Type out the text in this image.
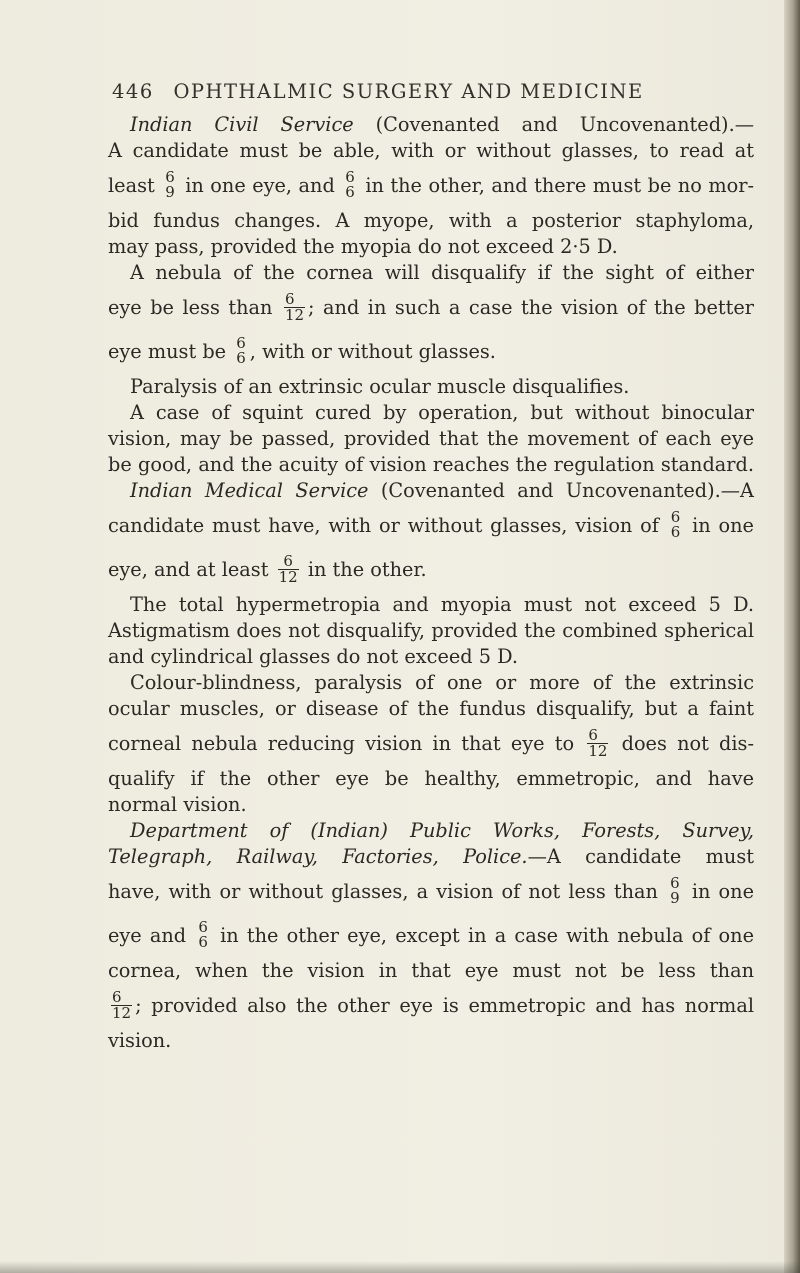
446 OPHTHALMIC SURGERY AND MEDICINE
Indian Civil Service (Covenanted and Uncovenanted).—
A candidate must be able, with or without glasses, to read at
least 6
9 in one eye, and 6
6 in the other, and there must be no mor-
bid fundus changes. A myope, with a posterior staphyloma,
may pass, provided the myopia do not exceed 2·5 D.
A nebula of the cornea will disqualify if the sight of either
eye be less than $\frac{6}{12}$ ; and in such a case the vision of the better
eye must be 6
6 , with or without glasses.
Paralysis of an extrinsic ocular muscle disqualifies.
A case of squint cured by operation, but without binocular
vision, may be passed, provided that the movement of each eye
be good, and the acuity of vision reaches the regulation standard.
Indian Medical Service (Covenanted and Uncovenanted).—A
candidate must have, with or without glasses, vision of 6
6 in one
eye, and at least $\frac{6}{12}$ in the other.
The total hypermetropia and myopia must not exceed 5 D.
Astigmatism does not disqualify, provided the combined spherical
and cylindrical glasses do not exceed 5 D.
Colour-blindness, paralysis of one or more of the extrinsic
ocular muscles, or disease of the fundus disqualify, but a faint
corneal nebula reducing vision in that eye to $\frac{6}{12}$ does not dis-
qualify if the other eye be healthy, emmetropic, and have
normal vision.
Department of (Indian) Public Works, Forests, Survey,
Telegraph, Railway, Factories, Police.—A candidate must
have, with or without glasses, a vision of not less than 6
9 in one
eye and 6
6 in the other eye, except in a case with nebula of one
cornea, when the vision in that eye must not be less than
$\frac{6}{12}$ ; provided also the other eye is emmetropic and has normal
vision.
